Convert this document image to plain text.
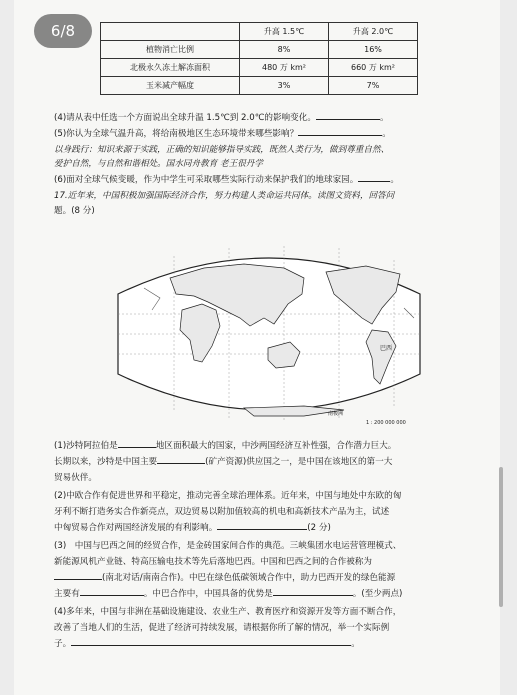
6/8
		升高 1.5℃	升高 2.0℃
植物消亡比例	8%	16%
北极永久冻土解冻面积	480 万 km²	660 万 km²
玉米减产幅度	3%	7%
(4)请从表中任选一个方面说出全球升温 1.5℃到 2.0℃的影响变化。	。
(5)你认为全球气温升高，将给南极地区生态环境带来哪些影响？	。
以身践行：知识来源于实践，正确的知识能够指导实践，既然人类行为，做到尊重自然、
爱护自然，与自然和谐相处。国水同舟教育 老王很丹学
(6)面对全球气候变暖，作为中学生可采取哪些实际行动来保护我们的地球家园。	。
17.近年来，中国积极加强国际经济合作，努力构建人类命运共同体。读图文资料，回答问
题。(8 分)
巴西
南极洲
1 : 200 000 000
(1)沙特阿拉伯是	地区面积最大的国家，中沙两国经济互补性强，合作潜力巨大。
长期以来，沙特是中国主要	(矿产资源)供应国之一，是中国在该地区的第一大
贸易伙伴。
(2)中欧合作有促进世界和平稳定，推动完善全球治理体系。近年来，中国与地处中东欧的匈
牙利不断打造务实合作新亮点，双边贸易以附加值较高的机电和高新技术产品为主，试述
中匈贸易合作对两国经济发展的有利影响。	(2 分)
(3)　中国与巴西之间的经贸合作，是金砖国家间合作的典范。三峡集团水电运营管理模式、
新能源风机产业链、特高压输电技术等先后落地巴西。中国和巴西之间的合作被称为
(南北对话/南南合作)。中巴在绿色低碳领域合作中，助力巴西开发的绿色能源
主要有	。中巴合作中，中国具备的优势是	。(至少两点)
(4)多年来，中国与非洲在基础设施建设、农业生产、教育医疗和资源开发等方面不断合作，
改善了当地人们的生活，促进了经济可持续发展，请根据你所了解的情况，举一个实际例
子。	。
